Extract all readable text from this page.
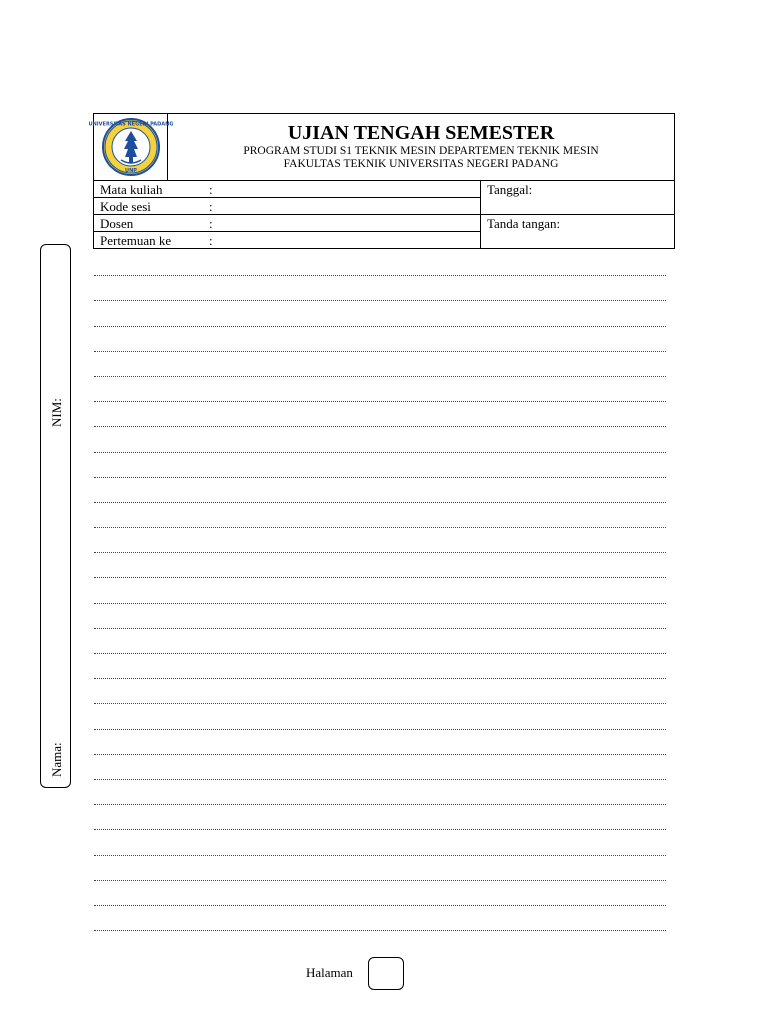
UNIVERSITAS NEGERI PADANG
UNP
UJIAN TENGAH SEMESTER
PROGRAM STUDI S1 TEKNIK MESIN DEPARTEMEN TEKNIK MESIN
FAKULTAS TEKNIK UNIVERSITAS NEGERI PADANG
Mata kuliah	:
Kode sesi	:
Dosen	:
Pertemuan ke	:
Tanggal:
Tanda tangan:
NIM:
Nama:
Halaman
